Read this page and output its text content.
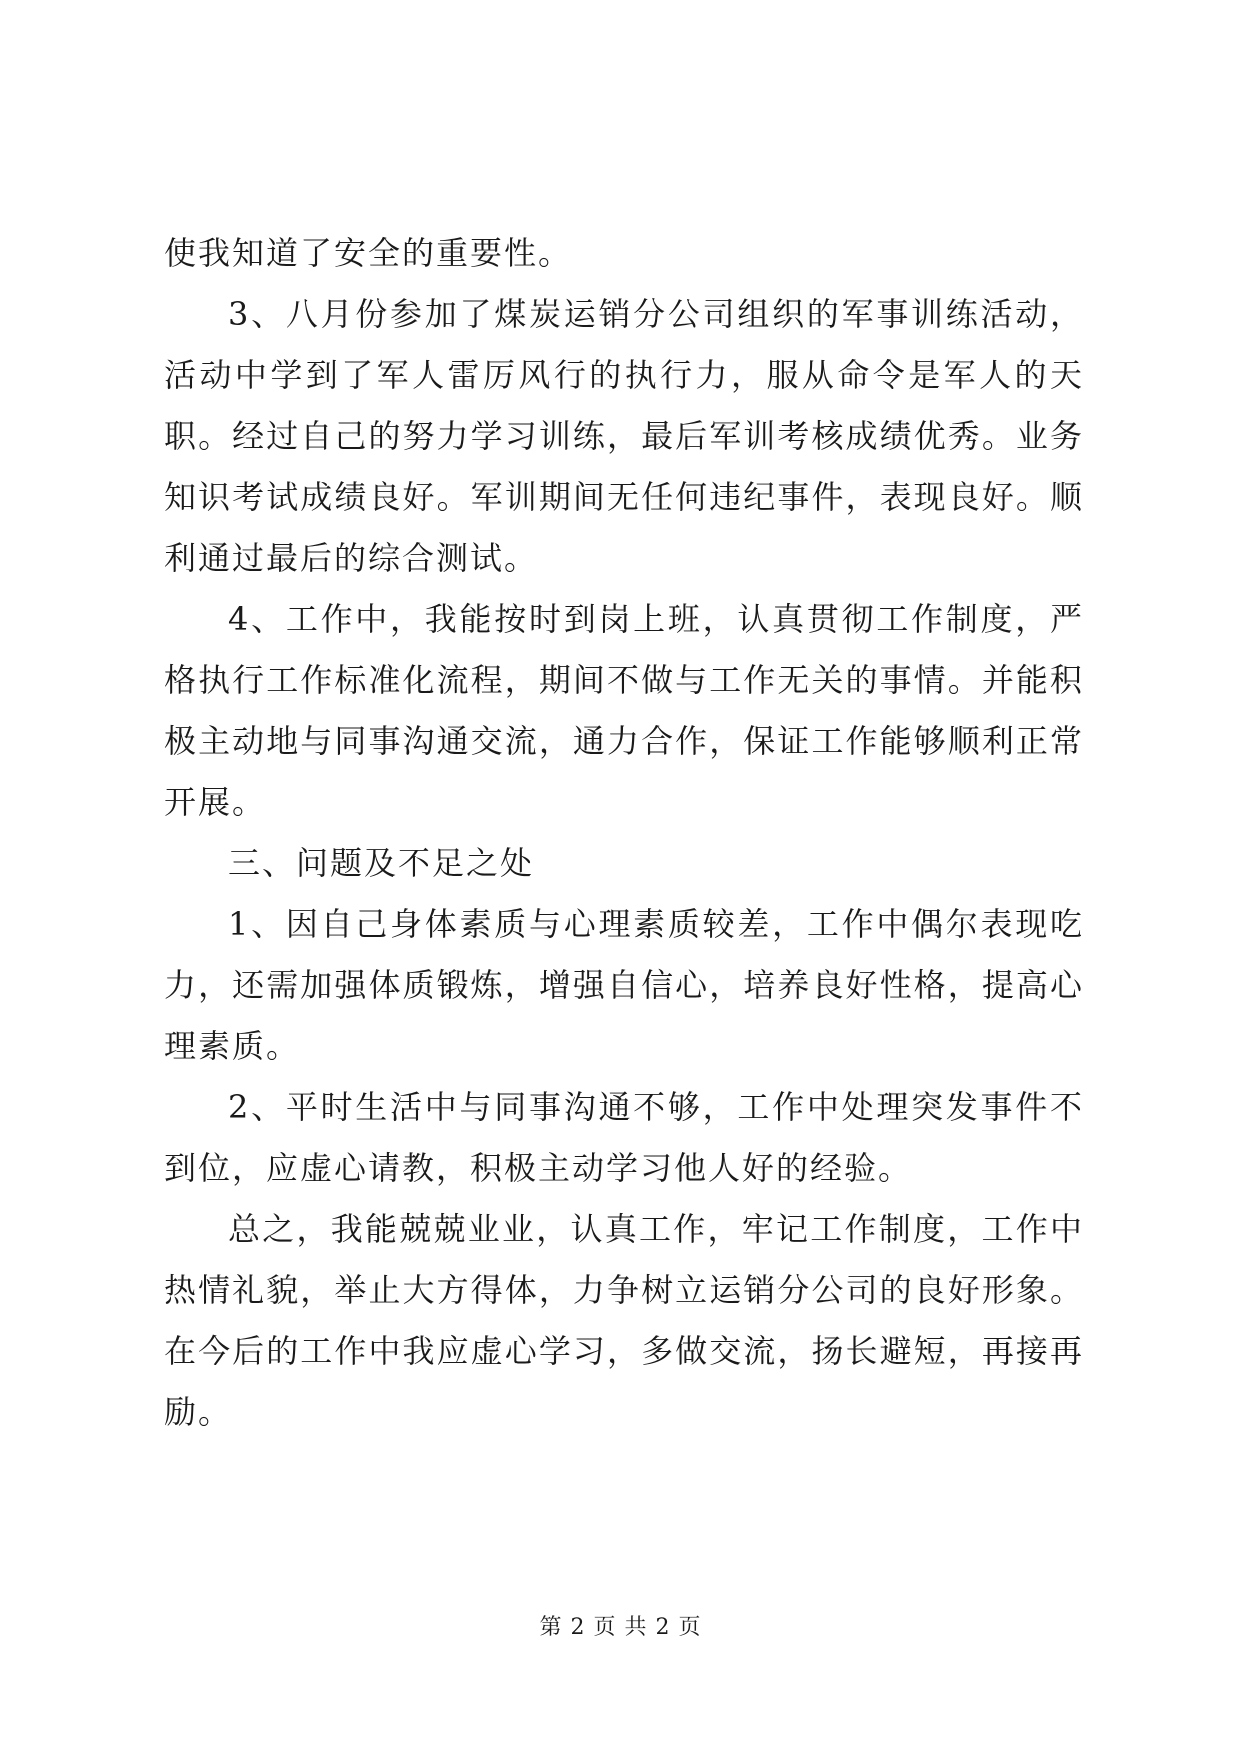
使我知道了安全的重要性。

3、八月份参加了煤炭运销分公司组织的军事训练活动，活动中学到了军人雷厉风行的执行力，服从命令是军人的天职。经过自己的努力学习训练，最后军训考核成绩优秀。业务知识考试成绩良好。军训期间无任何违纪事件，表现良好。顺利通过最后的综合测试。

4、工作中，我能按时到岗上班，认真贯彻工作制度，严格执行工作标准化流程，期间不做与工作无关的事情。并能积极主动地与同事沟通交流，通力合作，保证工作能够顺利正常开展。

三、问题及不足之处

1、因自己身体素质与心理素质较差，工作中偶尔表现吃力，还需加强体质锻炼，增强自信心，培养良好性格，提高心理素质。

2、平时生活中与同事沟通不够，工作中处理突发事件不到位，应虚心请教，积极主动学习他人好的经验。

总之，我能兢兢业业，认真工作，牢记工作制度，工作中热情礼貌，举止大方得体，力争树立运销分公司的良好形象。在今后的工作中我应虚心学习，多做交流，扬长避短，再接再励。

第 2 页 共 2 页
